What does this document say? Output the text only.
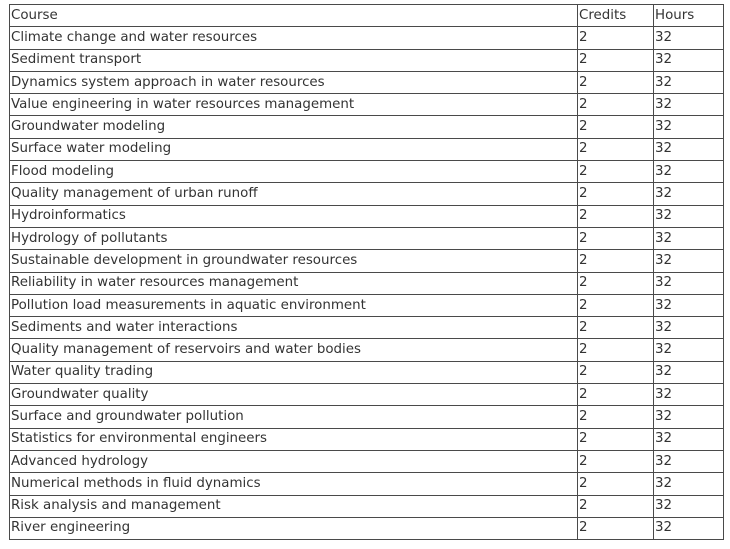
Course	Credits	Hours
Climate change and water resources	2	32
Sediment transport	2	32
Dynamics system approach in water resources	2	32
Value engineering in water resources management	2	32
Groundwater modeling	2	32
Surface water modeling	2	32
Flood modeling	2	32
Quality management of urban runoff	2	32
Hydroinformatics	2	32
Hydrology of pollutants	2	32
Sustainable development in groundwater resources	2	32
Reliability in water resources management	2	32
Pollution load measurements in aquatic environment	2	32
Sediments and water interactions	2	32
Quality management of reservoirs and water bodies	2	32
Water quality trading	2	32
Groundwater quality	2	32
Surface and groundwater pollution	2	32
Statistics for environmental engineers	2	32
Advanced hydrology	2	32
Numerical methods in fluid dynamics	2	32
Risk analysis and management	2	32
River engineering	2	32
